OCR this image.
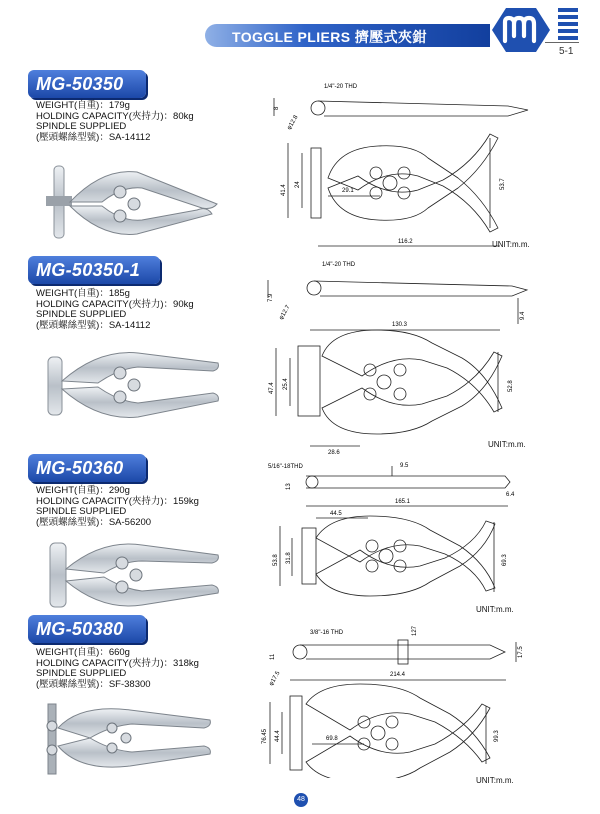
TOGGLE PLIERS 擠壓式夾鉗
5-1
MG-50350
WEIGHT(自重)：179g
HOLDING CAPACITY(夾持力)：80kg
SPINDLE SUPPLIED
(壓頭螺絲型號)：SA-14112
1/4"-20 THD
8
φ12.8
41.4 24
29.1
53.7
116.2	UNIT:m.m.
MG-50350-1
WEIGHT(自重)：185g
HOLDING CAPACITY(夾持力)：90kg
SPINDLE SUPPLIED
(壓頭螺絲型號)：SA-14112
1/4"-20 THD
7.9
φ12.7	9.4
130.3
47.4 25.4	52.8
28.6
UNIT:m.m.
MG-50360
WEIGHT(自重)：290g
HOLDING CAPACITY(夾持力)：159kg
SPINDLE SUPPLIED
(壓頭螺絲型號)：SA-56200
5/16"-18THD	9.5
13
6.4
165.1
44.5
53.8 31.8	69.3
UNIT:m.m.
MG-50380
WEIGHT(自重)：660g
HOLDING CAPACITY(夾持力)：318kg
SPINDLE SUPPLIED
(壓頭螺絲型號)：SF-38300
3/8"-16 THD	127
φ17.5
11	17.5
214.4
76.45 44.4	69.8	99.3
UNIT:m.m.
48
